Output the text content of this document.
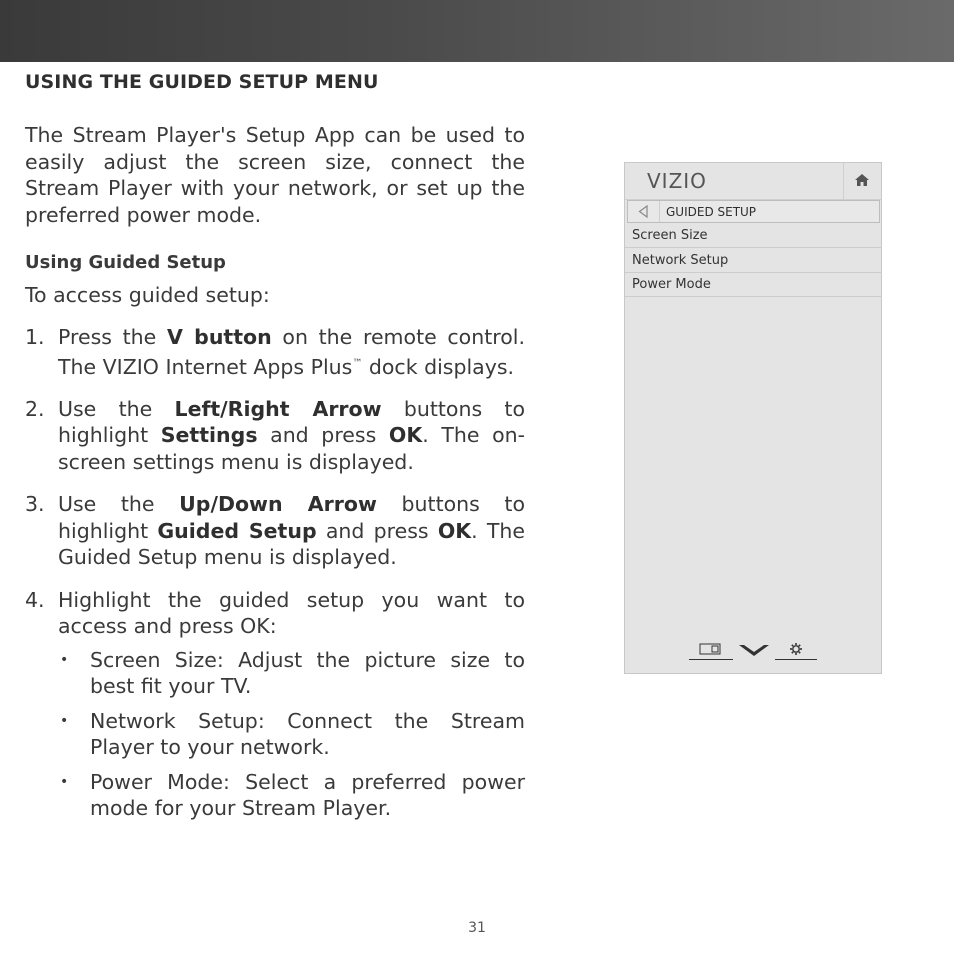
USING THE GUIDED SETUP MENU
The Stream Player's Setup App can be used to easily adjust the screen size, connect the Stream Player with your network, or set up the preferred power mode.
Using Guided Setup
To access guided setup:
1. Press the V button on the remote control. The VIZIO Internet Apps Plus™ dock displays.
2. Use the Left/Right Arrow buttons to highlight Settings and press OK. The on-screen settings menu is displayed.
3. Use the Up/Down Arrow buttons to highlight Guided Setup and press OK. The Guided Setup menu is displayed.
4. Highlight the guided setup you want to access and press OK:
• Screen Size: Adjust the picture size to best fit your TV.
• Network Setup: Connect the Stream Player to your network.
• Power Mode: Select a preferred power mode for your Stream Player.
VIZIO
GUIDED SETUP
Screen Size
Network Setup
Power Mode
31
